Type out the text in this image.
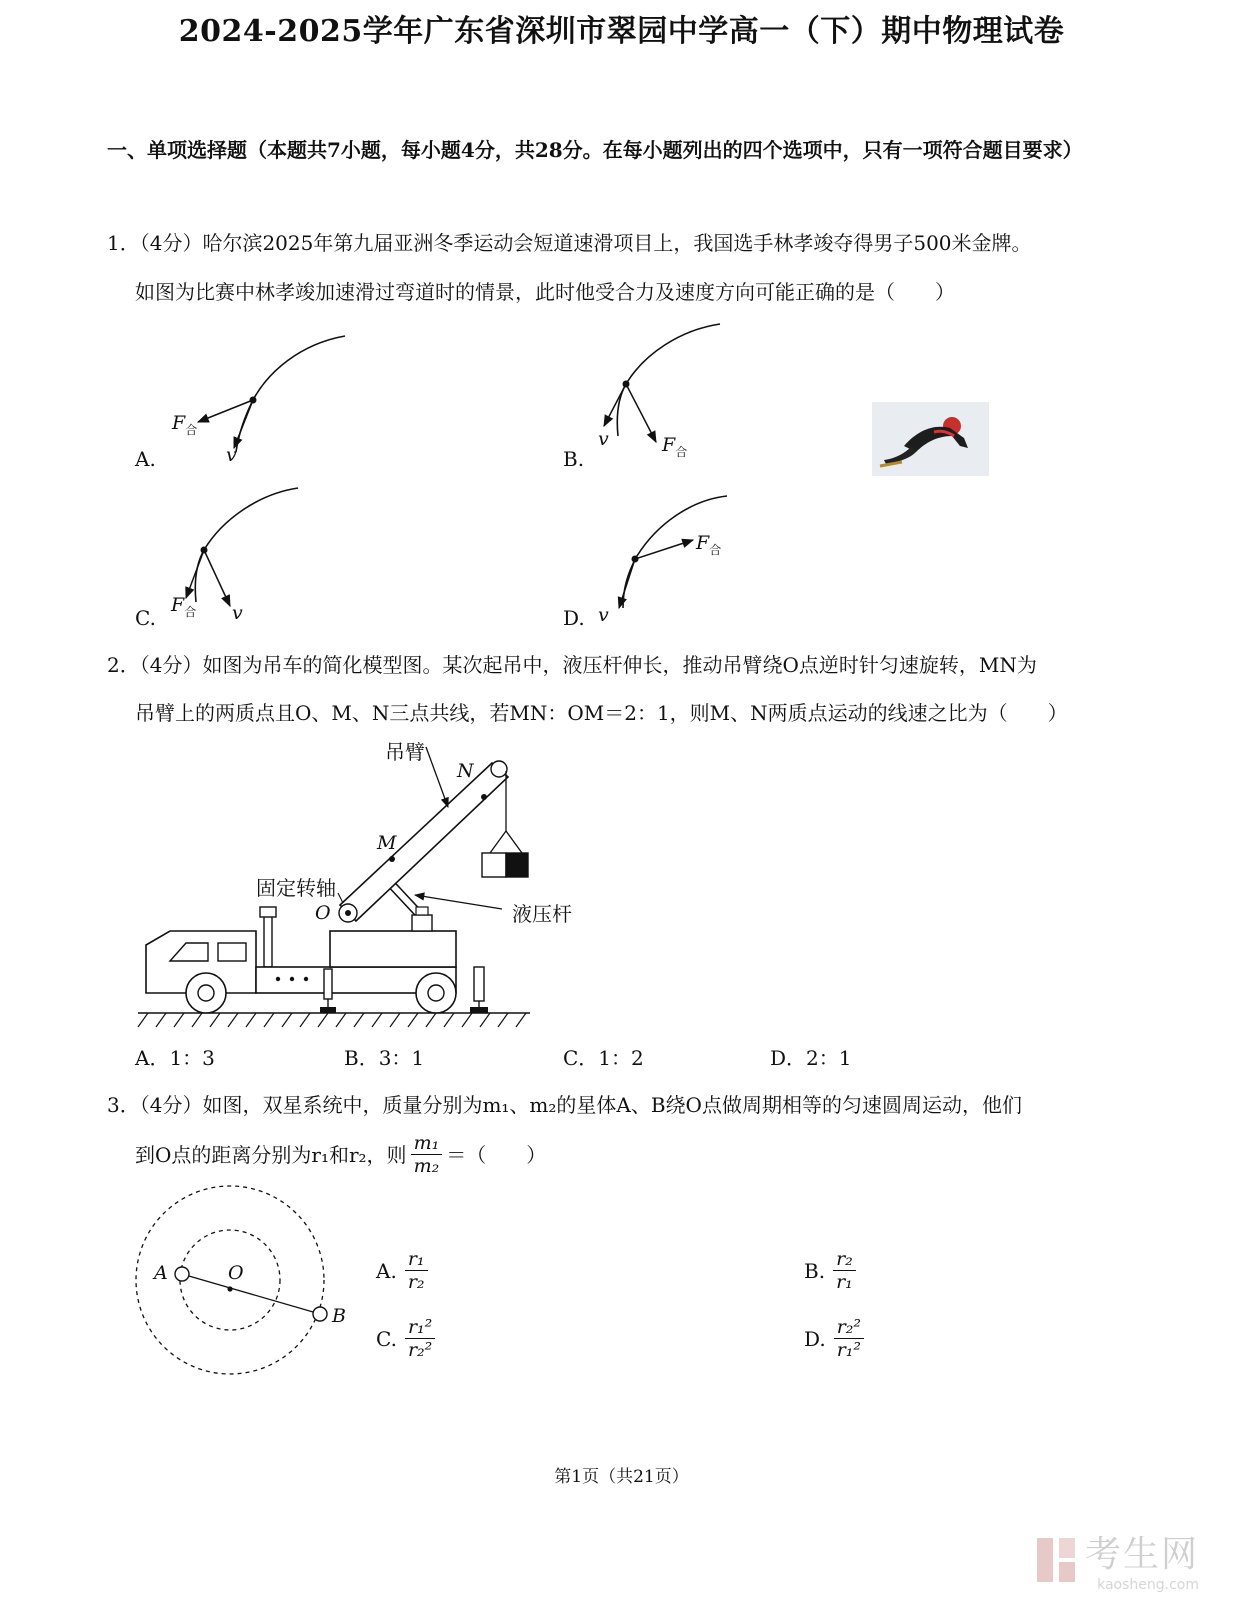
2024-2025学年广东省深圳市翠园中学高一（下）期中物理试卷
一、单项选择题（本题共7小题，每小题4分，共28分。在每小题列出的四个选项中，只有一项符合题目要求）
1．（4分）哈尔滨2025年第九届亚洲冬季运动会短道速滑项目上，我国选手林孝竣夺得男子500米金牌。
如图为比赛中林孝竣加速滑过弯道时的情景，此时他受合力及速度方向可能正确的是（　　）
A.
$F_合$
v	B.
v	$F_合$
C.
$F_合$ v	D. v
$F_合$
2．（4分）如图为吊车的简化模型图。某次起吊中，液压杆伸长，推动吊臂绕O点逆时针匀速旋转，MN为
吊臂上的两质点且O、M、N三点共线，若MN：OM＝2：1，则M、N两质点运动的线速之比为（　　）
吊臂
N
M
固定转轴
O	液压杆
A．1：3	B．3：1	C．1：2	D．2：1
3．（4分）如图，双星系统中，质量分别为m₁、m₂的星体A、B绕O点做周期相等的匀速圆周运动，他们
到O点的距离分别为r₁和r₂，则 $\frac{\text{m₁}}{\text{m₂}}$ ＝（　　）
A	O
B
A. $\frac{\text{r₁}}{\text{r₂}}$	B. $\frac{\text{r₂}}{\text{r₁}}$
C. $\frac{\text{r₁²}}{\text{r₂²}}$	D. $\frac{\text{r₂²}}{\text{r₁²}}$
第1页（共21页）
考生网
kaosheng.com
